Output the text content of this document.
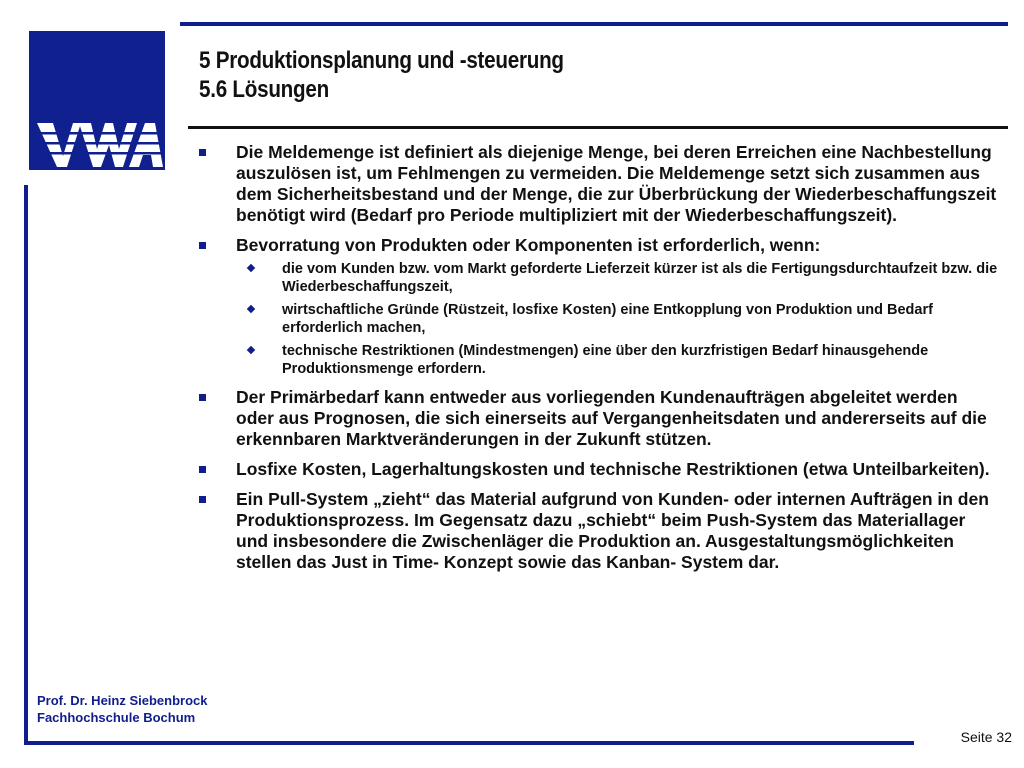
VWA
5 Produktionsplanung und -steuerung
5.6 Lösungen
Die Meldemenge ist definiert als diejenige Menge, bei deren Erreichen eine Nachbestellung auszulösen ist, um Fehlmengen zu vermeiden. Die Meldemenge setzt sich zusammen aus dem Sicherheitsbestand und der Menge, die zur Überbrückung der Wiederbeschaffungszeit benötigt wird (Bedarf pro Periode multipliziert mit der Wiederbeschaffungszeit).
Bevorratung von Produkten oder Komponenten ist erforderlich, wenn:
die vom Kunden bzw. vom Markt geforderte Lieferzeit kürzer ist als die Fertigungsdurchtaufzeit bzw. die Wiederbeschaffungszeit,
wirtschaftliche Gründe (Rüstzeit, losfixe Kosten) eine Entkopplung von Produktion und Bedarf erforderlich machen,
technische Restriktionen (Mindestmengen) eine über den kurzfristigen Bedarf hinausgehende Produktionsmenge erfordern.
Der Primärbedarf kann entweder aus vorliegenden Kundenaufträgen abgeleitet werden oder aus Prognosen, die sich einerseits auf Vergangenheitsdaten und andererseits auf die erkennbaren Marktveränderungen in der Zukunft stützen.
Losfixe Kosten, Lagerhaltungskosten und technische Restriktionen (etwa Unteilbarkeiten).
Ein Pull-System „zieht“ das Material aufgrund von Kunden- oder internen Aufträgen in den Produktionsprozess. Im Gegensatz dazu „schiebt“ beim Push-System das Materiallager und insbesondere die Zwischenläger die Produktion an. Ausgestaltungsmöglichkeiten stellen das Just in Time- Konzept sowie das Kanban- System dar.
Prof. Dr. Heinz Siebenbrock
Fachhochschule Bochum
Seite 32
